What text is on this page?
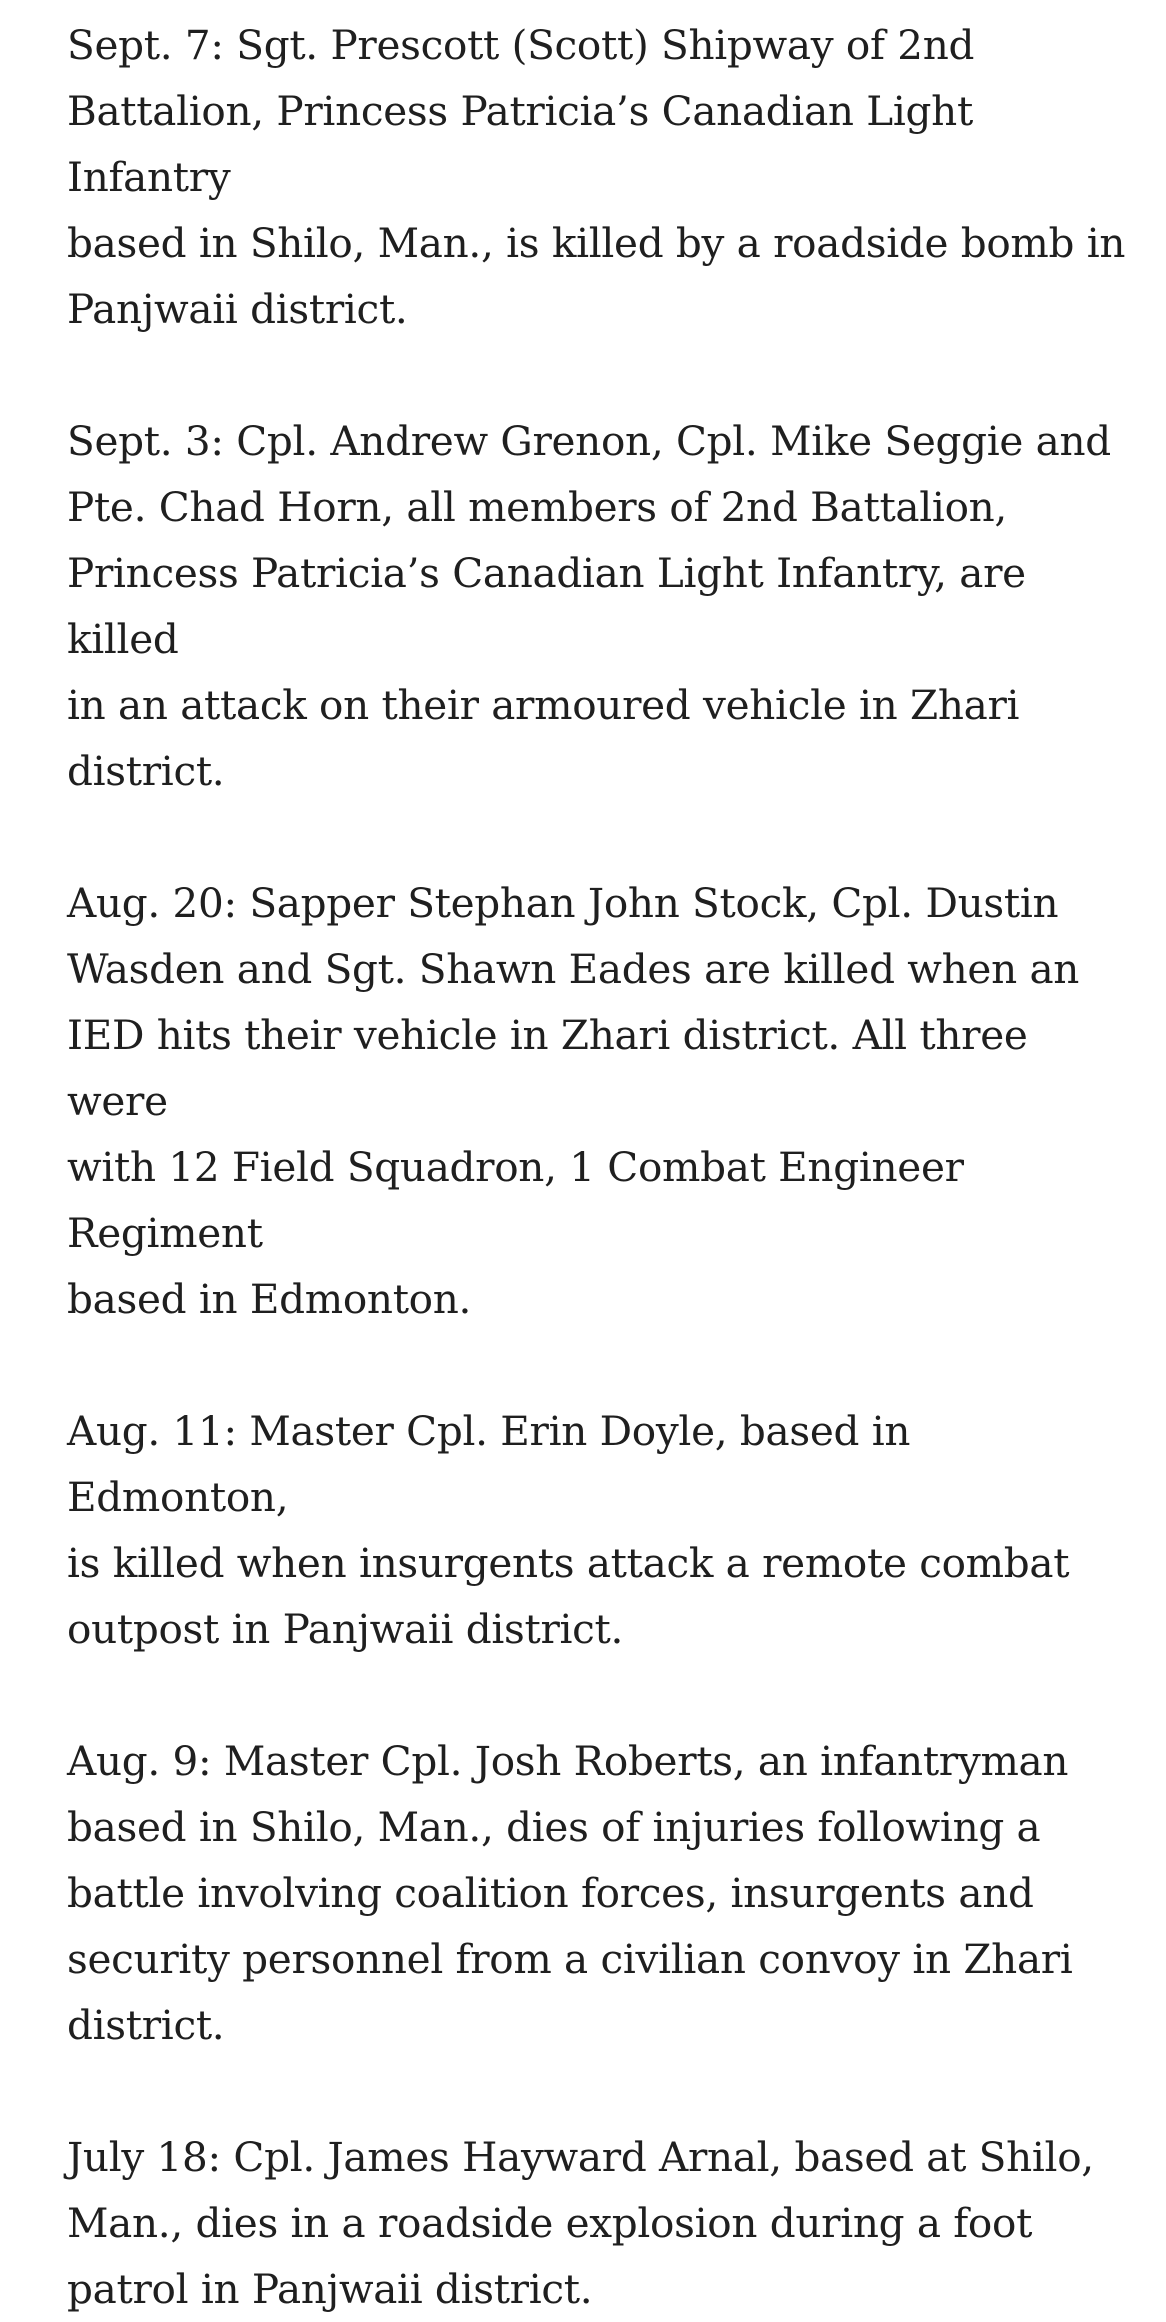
Sept. 7: Sgt. Prescott (Scott) Shipway of 2nd
Battalion, Princess Patricia’s Canadian Light Infantry
based in Shilo, Man., is killed by a roadside bomb in
Panjwaii district.

Sept. 3: Cpl. Andrew Grenon, Cpl. Mike Seggie and
Pte. Chad Horn, all members of 2nd Battalion,
Princess Patricia’s Canadian Light Infantry, are killed
in an attack on their armoured vehicle in Zhari
district.

Aug. 20: Sapper Stephan John Stock, Cpl. Dustin
Wasden and Sgt. Shawn Eades are killed when an
IED hits their vehicle in Zhari district. All three were
with 12 Field Squadron, 1 Combat Engineer Regiment
based in Edmonton.

Aug. 11: Master Cpl. Erin Doyle, based in Edmonton,
is killed when insurgents attack a remote combat
outpost in Panjwaii district.

Aug. 9: Master Cpl. Josh Roberts, an infantryman
based in Shilo, Man., dies of injuries following a
battle involving coalition forces, insurgents and
security personnel from a civilian convoy in Zhari
district.

July 18: Cpl. James Hayward Arnal, based at Shilo,
Man., dies in a roadside explosion during a foot
patrol in Panjwaii district.
